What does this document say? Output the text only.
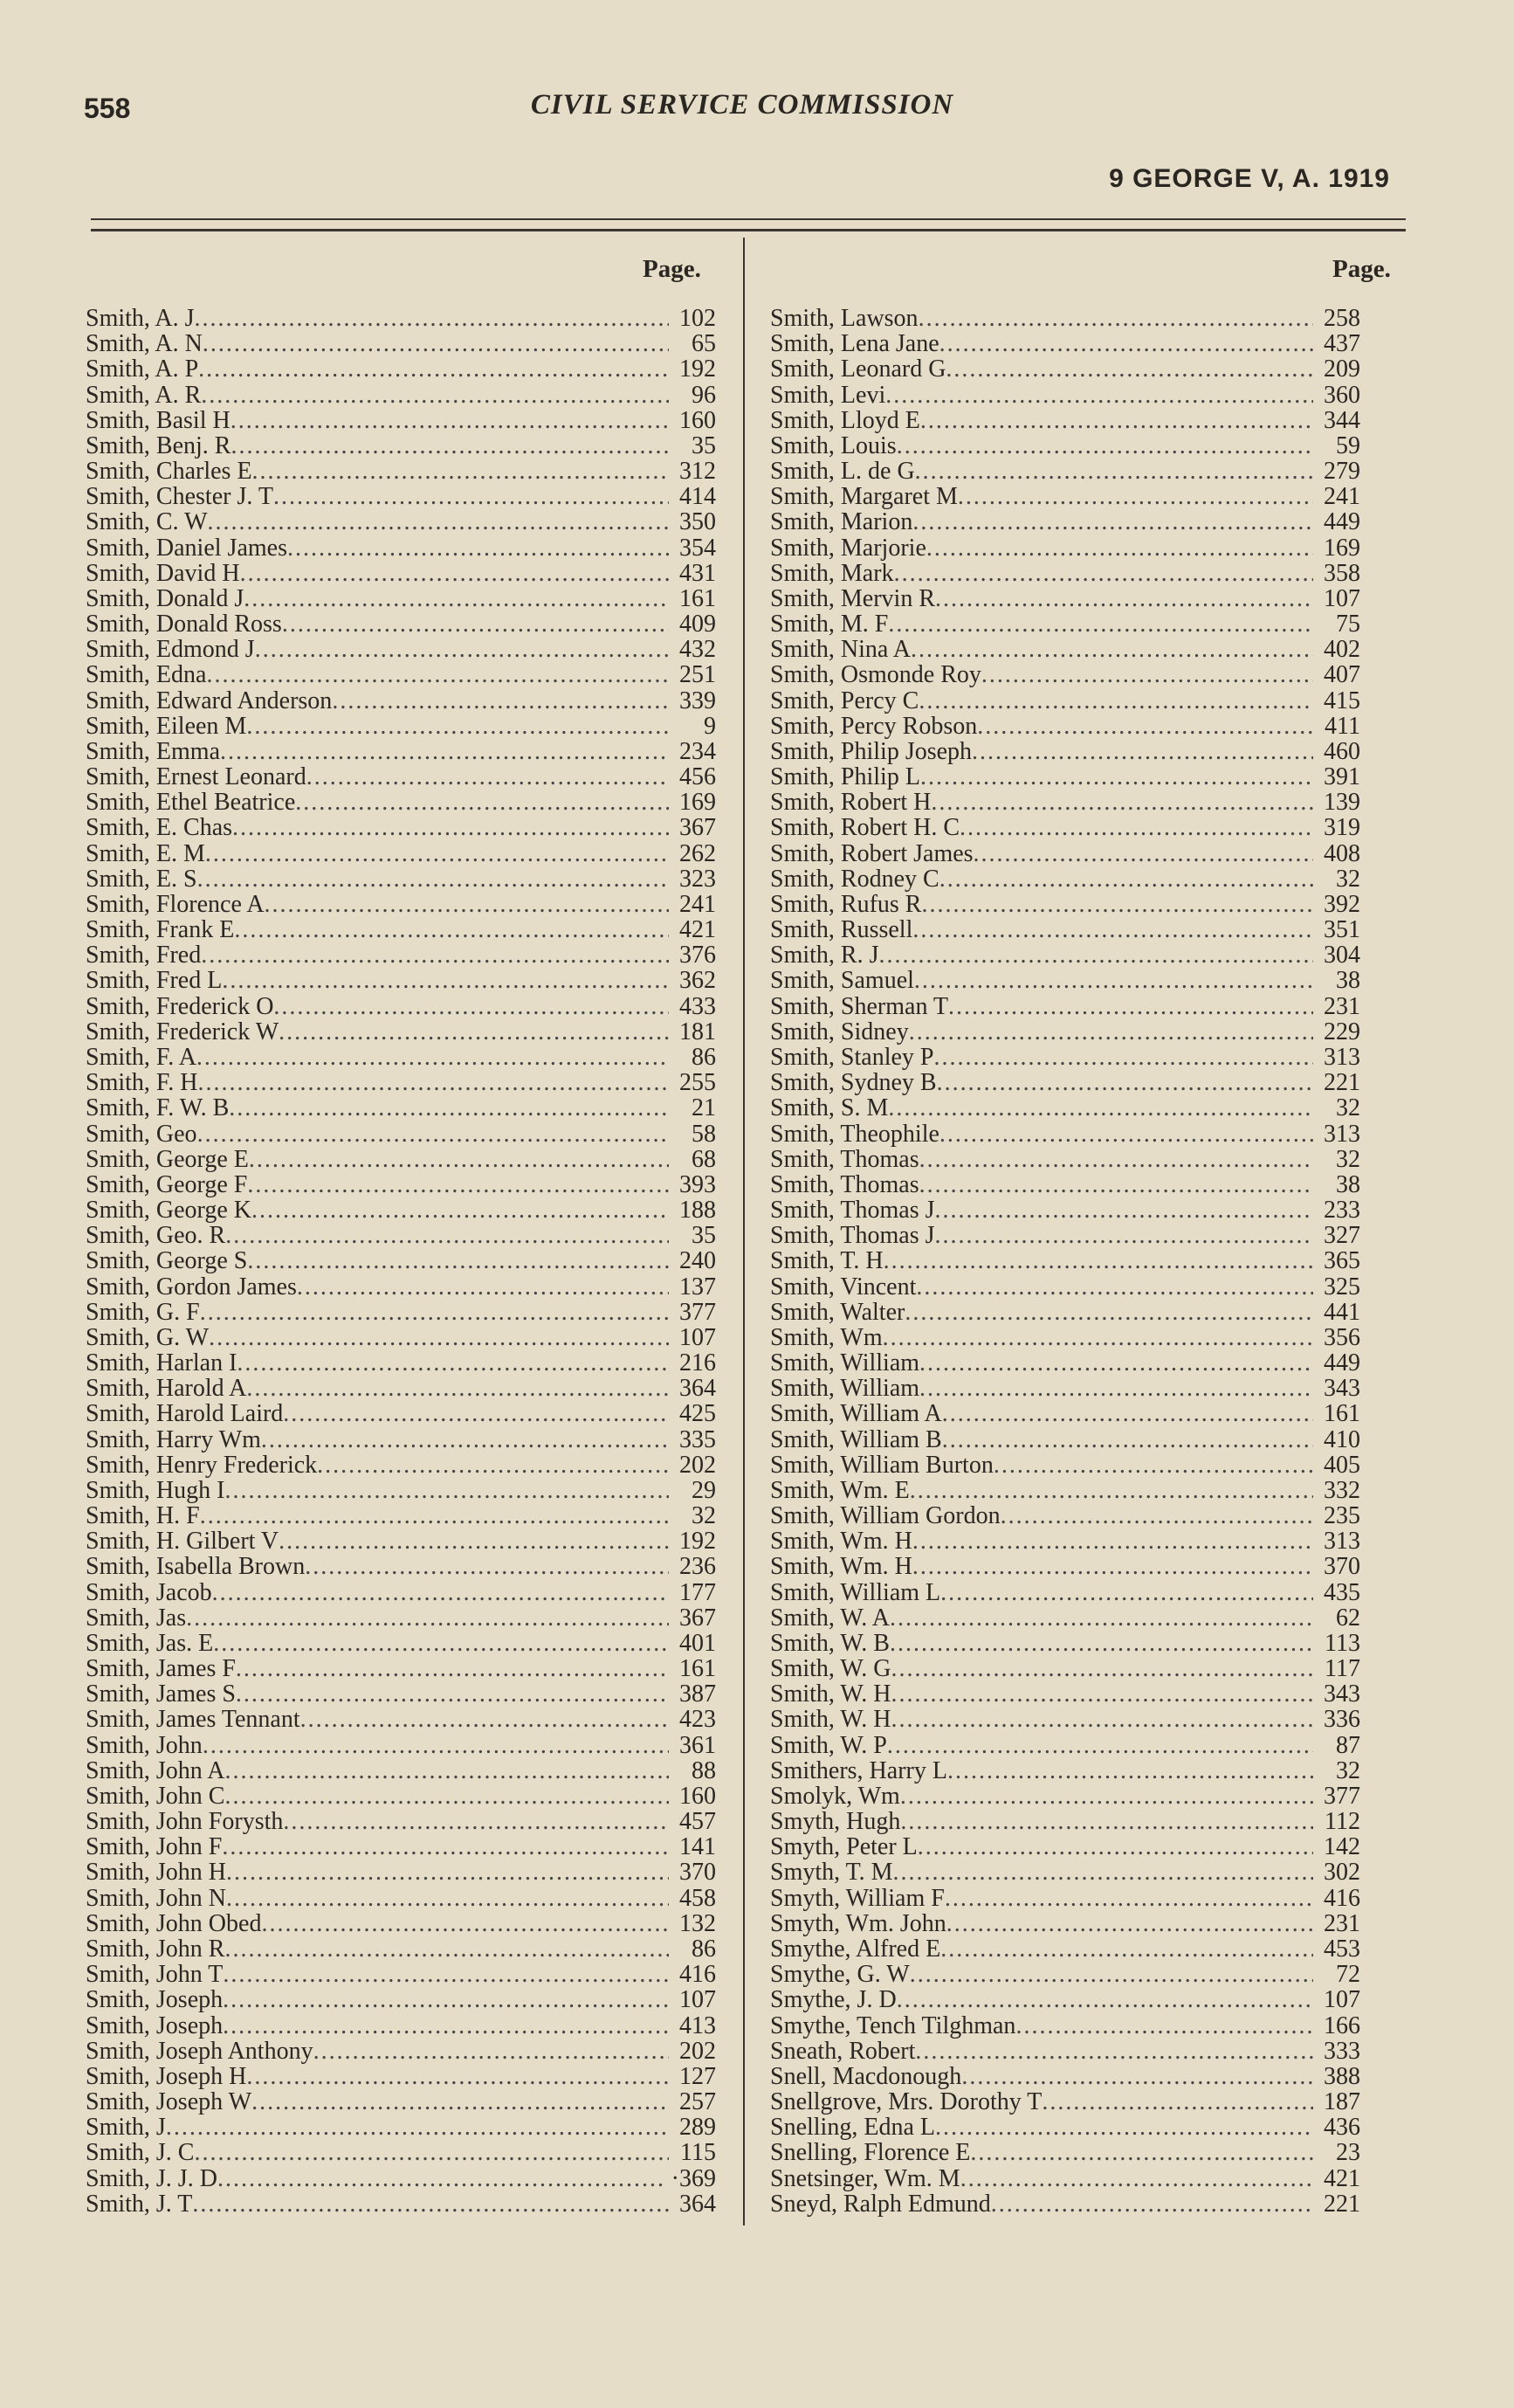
558	CIVIL SERVICE COMMISSION
9 GEORGE V, A. 1919
Page.	Page.
Smith, A. J .....	102
Smith, A. N .....	65
Smith, A. P .....	192
Smith, A. R .....	96
Smith, Basil H .....	160
Smith, Benj. R .....	35
Smith, Charles E .....	312
Smith, Chester J. T .....	414
Smith, C. W .....	350
Smith, Daniel James .....	354
Smith, David H .....	431
Smith, Donald J .....	161
Smith, Donald Ross .....	409
Smith, Edmond J .....	432
Smith, Edna .....	251
Smith, Edward Anderson .....	339
Smith, Eileen M .....	9
Smith, Emma .....	234
Smith, Ernest Leonard .....	456
Smith, Ethel Beatrice .....	169
Smith, E. Chas .....	367
Smith, E. M .....	262
Smith, E. S .....	323
Smith, Florence A .....	241
Smith, Frank E .....	421
Smith, Fred .....	376
Smith, Fred L .....	362
Smith, Frederick O .....	433
Smith, Frederick W .....	181
Smith, F. A .....	86
Smith, F. H .....	255
Smith, F. W. B .....	21
Smith, Geo .....	58
Smith, George E .....	68
Smith, George F .....	393
Smith, George K .....	188
Smith, Geo. R .....	35
Smith, George S .....	240
Smith, Gordon James .....	137
Smith, G. F .....	377
Smith, G. W .....	107
Smith, Harlan I .....	216
Smith, Harold A .....	364
Smith, Harold Laird .....	425
Smith, Harry Wm .....	335
Smith, Henry Frederick .....	202
Smith, Hugh I .....	29
Smith, H. F .....	32
Smith, H. Gilbert V .....	192
Smith, Isabella Brown .....	236
Smith, Jacob .....	177
Smith, Jas .....	367
Smith, Jas. E .....	401
Smith, James F .....	161
Smith, James S .....	387
Smith, James Tennant .....	423
Smith, John .....	361
Smith, John A .....	88
Smith, John C .....	160
Smith, John Forysth .....	457
Smith, John F .....	141
Smith, John H .....	370
Smith, John N .....	458
Smith, John Obed .....	132
Smith, John R .....	86
Smith, John T .....	416
Smith, Joseph .....	107
Smith, Joseph .....	413
Smith, Joseph Anthony .....	202
Smith, Joseph H .....	127
Smith, Joseph W .....	257
Smith, J .....	289
Smith, J. C .....	115
Smith, J. J. D .....	·369
Smith, J. T .....	364
Smith, Lawson .....	258
Smith, Lena Jane .....	437
Smith, Leonard G .....	209
Smith, Levi .....	360
Smith, Lloyd E .....	344
Smith, Louis .....	59
Smith, L. de G .....	279
Smith, Margaret M .....	241
Smith, Marion .....	449
Smith, Marjorie .....	169
Smith, Mark .....	358
Smith, Mervin R .....	107
Smith, M. F .....	75
Smith, Nina A .....	402
Smith, Osmonde Roy .....	407
Smith, Percy C .....	415
Smith, Percy Robson .....	411
Smith, Philip Joseph .....	460
Smith, Philip L .....	391
Smith, Robert H .....	139
Smith, Robert H. C .....	319
Smith, Robert James .....	408
Smith, Rodney C .....	32
Smith, Rufus R .....	392
Smith, Russell .....	351
Smith, R. J .....	304
Smith, Samuel .....	38
Smith, Sherman T .....	231
Smith, Sidney .....	229
Smith, Stanley P .....	313
Smith, Sydney B .....	221
Smith, S. M .....	32
Smith, Theophile .....	313
Smith, Thomas .....	32
Smith, Thomas .....	38
Smith, Thomas J .....	233
Smith, Thomas J .....	327
Smith, T. H .....	365
Smith, Vincent .....	325
Smith, Walter .....	441
Smith, Wm .....	356
Smith, William .....	449
Smith, William .....	343
Smith, William A .....	161
Smith, William B .....	410
Smith, William Burton .....	405
Smith, Wm. E .....	332
Smith, William Gordon .....	235
Smith, Wm. H .....	313
Smith, Wm. H .....	370
Smith, William L .....	435
Smith, W. A .....	62
Smith, W. B .....	113
Smith, W. G .....	117
Smith, W. H .....	343
Smith, W. H .....	336
Smith, W. P .....	87
Smithers, Harry L .....	32
Smolyk, Wm .....	377
Smyth, Hugh .....	112
Smyth, Peter L .....	142
Smyth, T. M .....	302
Smyth, William F .....	416
Smyth, Wm. John .....	231
Smythe, Alfred E .....	453
Smythe, G. W .....	72
Smythe, J. D .....	107
Smythe, Tench Tilghman .....	166
Sneath, Robert .....	333
Snell, Macdonough .....	388
Snellgrove, Mrs. Dorothy T .....	187
Snelling, Edna L .....	436
Snelling, Florence E .....	23
Snetsinger, Wm. M .....	421
Sneyd, Ralph Edmund .....	221
